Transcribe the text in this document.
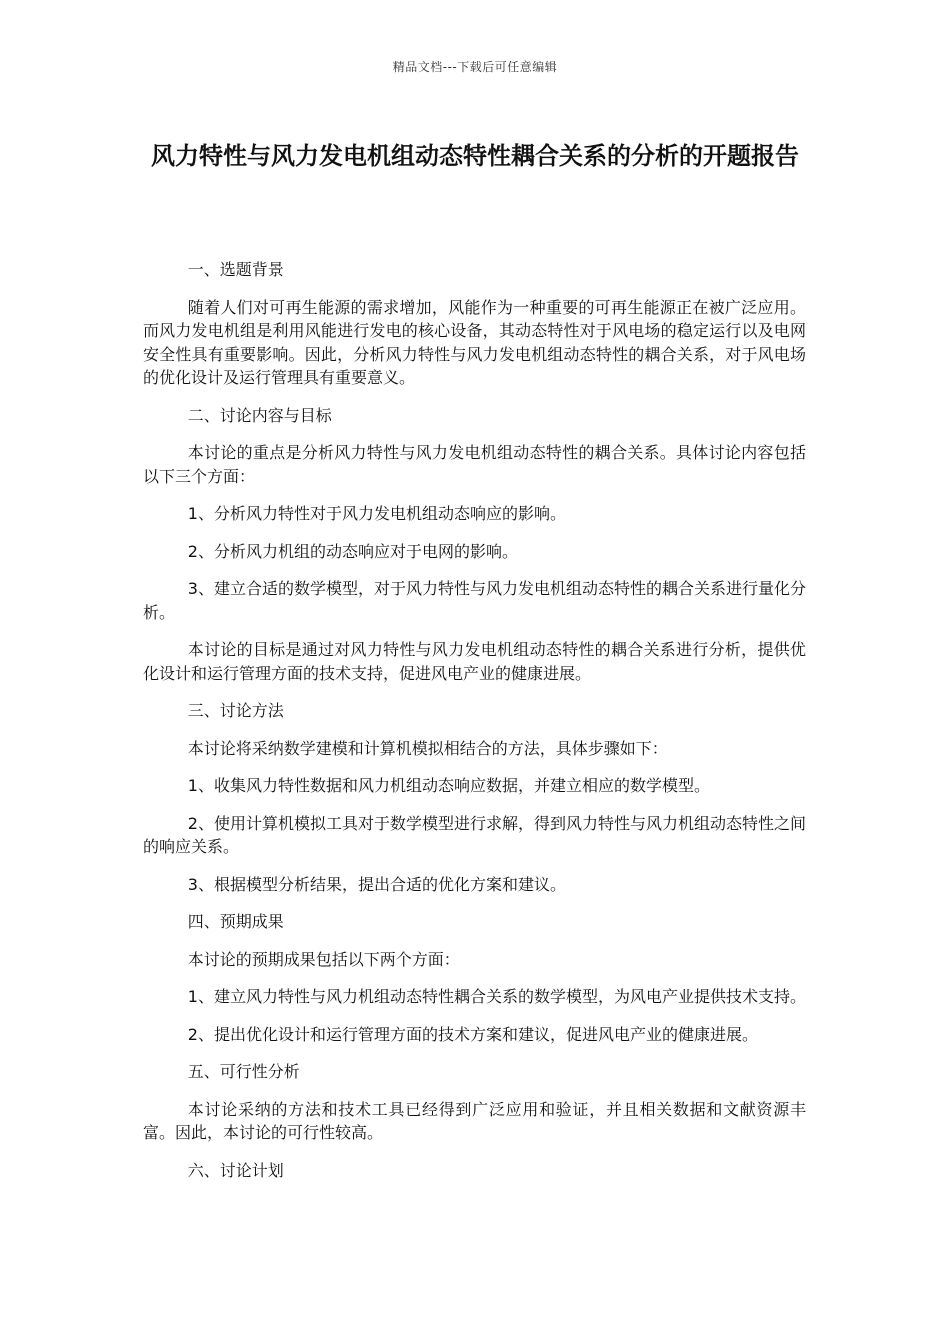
精品文档---下载后可任意编辑
风力特性与风力发电机组动态特性耦合关系的分析的开题报告

一、选题背景

随着人们对可再生能源的需求增加，风能作为一种重要的可再生能源正在被广泛应用。而风力发电机组是利用风能进行发电的核心设备，其动态特性对于风电场的稳定运行以及电网安全性具有重要影响。因此，分析风力特性与风力发电机组动态特性的耦合关系，对于风电场的优化设计及运行管理具有重要意义。

二、讨论内容与目标

本讨论的重点是分析风力特性与风力发电机组动态特性的耦合关系。具体讨论内容包括以下三个方面：

1、分析风力特性对于风力发电机组动态响应的影响。

2、分析风力机组的动态响应对于电网的影响。

3、建立合适的数学模型，对于风力特性与风力发电机组动态特性的耦合关系进行量化分析。

本讨论的目标是通过对风力特性与风力发电机组动态特性的耦合关系进行分析，提供优化设计和运行管理方面的技术支持，促进风电产业的健康进展。

三、讨论方法

本讨论将采纳数学建模和计算机模拟相结合的方法，具体步骤如下：

1、收集风力特性数据和风力机组动态响应数据，并建立相应的数学模型。

2、使用计算机模拟工具对于数学模型进行求解，得到风力特性与风力机组动态特性之间的响应关系。

3、根据模型分析结果，提出合适的优化方案和建议。

四、预期成果

本讨论的预期成果包括以下两个方面：

1、建立风力特性与风力机组动态特性耦合关系的数学模型，为风电产业提供技术支持。

2、提出优化设计和运行管理方面的技术方案和建议，促进风电产业的健康进展。

五、可行性分析

本讨论采纳的方法和技术工具已经得到广泛应用和验证，并且相关数据和文献资源丰富。因此，本讨论的可行性较高。

六、讨论计划
